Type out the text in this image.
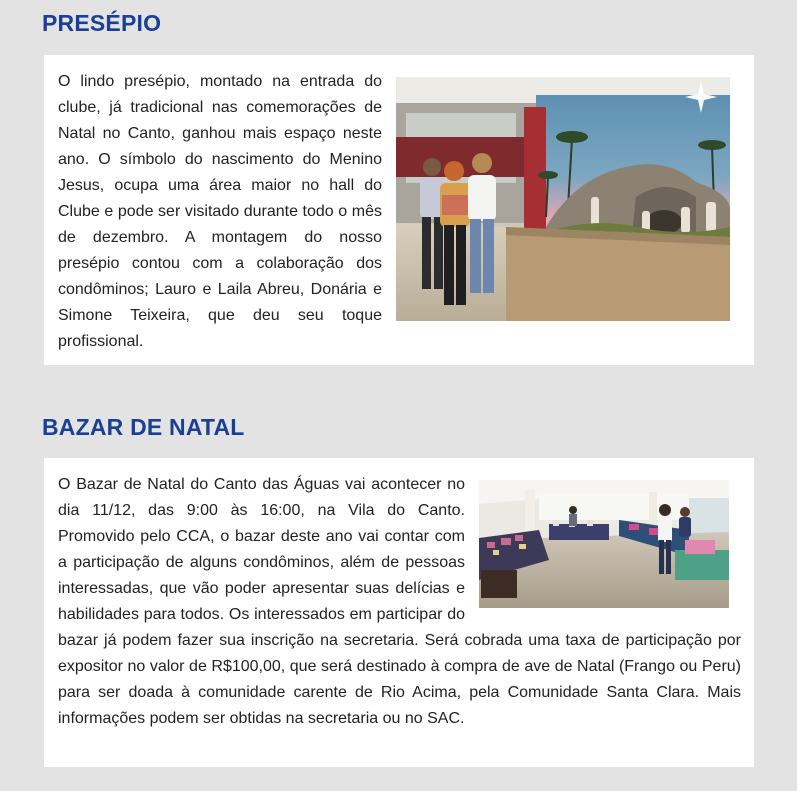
PRESÉPIO

O lindo presépio, montado na entrada do clube, já tradicional nas comemorações de Natal no Canto, ganhou mais espaço neste ano. O símbolo do nascimento do Menino Jesus, ocupa uma área maior no hall do Clube e pode ser visitado durante todo o mês de dezembro. A montagem do nosso presépio contou com a colaboração dos condôminos; Lauro e Laila Abreu, Donária e Simone Teixeira, que deu seu toque profissional.

BAZAR DE NATAL

O Bazar de Natal do Canto das Águas vai acontecer no dia 11/12, das 9:00 às 16:00, na Vila do Canto. Promovido pelo CCA, o bazar deste ano vai contar com a participação de alguns condôminos, além de pessoas interessadas, que vão poder apresentar suas delícias e habilidades para todos. Os interessados em participar do bazar já podem fazer sua inscrição na secretaria. Será cobrada uma taxa de participação por expositor no valor de R$100,00, que será destinado à compra de ave de Natal (Frango ou Peru) para ser doada à comunidade carente de Rio Acima, pela Comunidade Santa Clara. Mais informações podem ser obtidas na secretaria ou no SAC.
